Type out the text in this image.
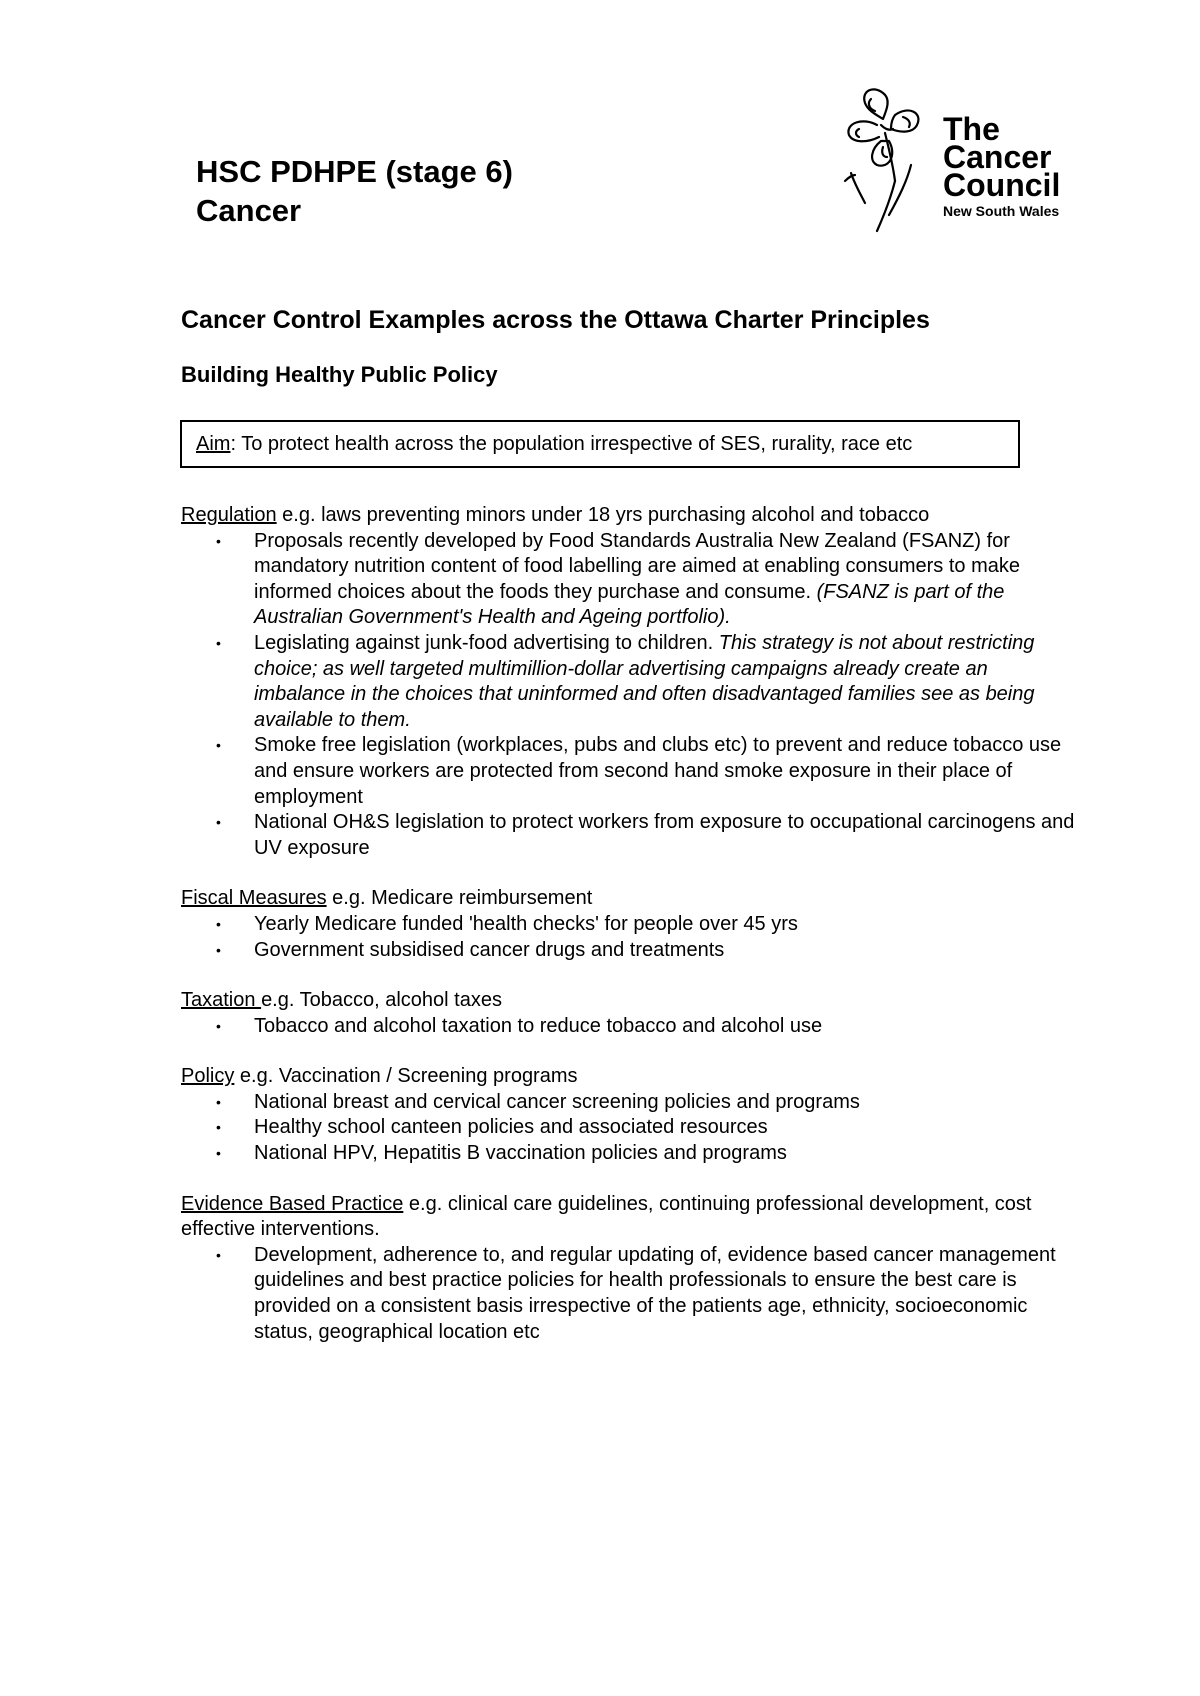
HSC PDHPE (stage 6)
Cancer
The
Cancer
Council
New South Wales
Cancer Control Examples across the Ottawa Charter Principles
Building Healthy Public Policy
Aim: To protect health across the population irrespective of SES, rurality, race etc
Regulation e.g. laws preventing minors under 18 yrs purchasing alcohol and tobacco
• Proposals recently developed by Food Standards Australia New Zealand (FSANZ) for mandatory nutrition content of food labelling are aimed at enabling consumers to make informed choices about the foods they purchase and consume. (FSANZ is part of the Australian Government's Health and Ageing portfolio).
• Legislating against junk-food advertising to children. This strategy is not about restricting choice; as well targeted multimillion-dollar advertising campaigns already create an imbalance in the choices that uninformed and often disadvantaged families see as being available to them.
• Smoke free legislation (workplaces, pubs and clubs etc) to prevent and reduce tobacco use and ensure workers are protected from second hand smoke exposure in their place of employment
• National OH&S legislation to protect workers from exposure to occupational carcinogens and UV exposure
Fiscal Measures e.g. Medicare reimbursement
• Yearly Medicare funded 'health checks' for people over 45 yrs
• Government subsidised cancer drugs and treatments
Taxation e.g. Tobacco, alcohol taxes
• Tobacco and alcohol taxation to reduce tobacco and alcohol use
Policy e.g. Vaccination / Screening programs
• National breast and cervical cancer screening policies and programs
• Healthy school canteen policies and associated resources
• National HPV, Hepatitis B vaccination policies and programs
Evidence Based Practice e.g. clinical care guidelines, continuing professional development, cost effective interventions.
• Development, adherence to, and regular updating of, evidence based cancer management guidelines and best practice policies for health professionals to ensure the best care is provided on a consistent basis irrespective of the patients age, ethnicity, socioeconomic status, geographical location etc
